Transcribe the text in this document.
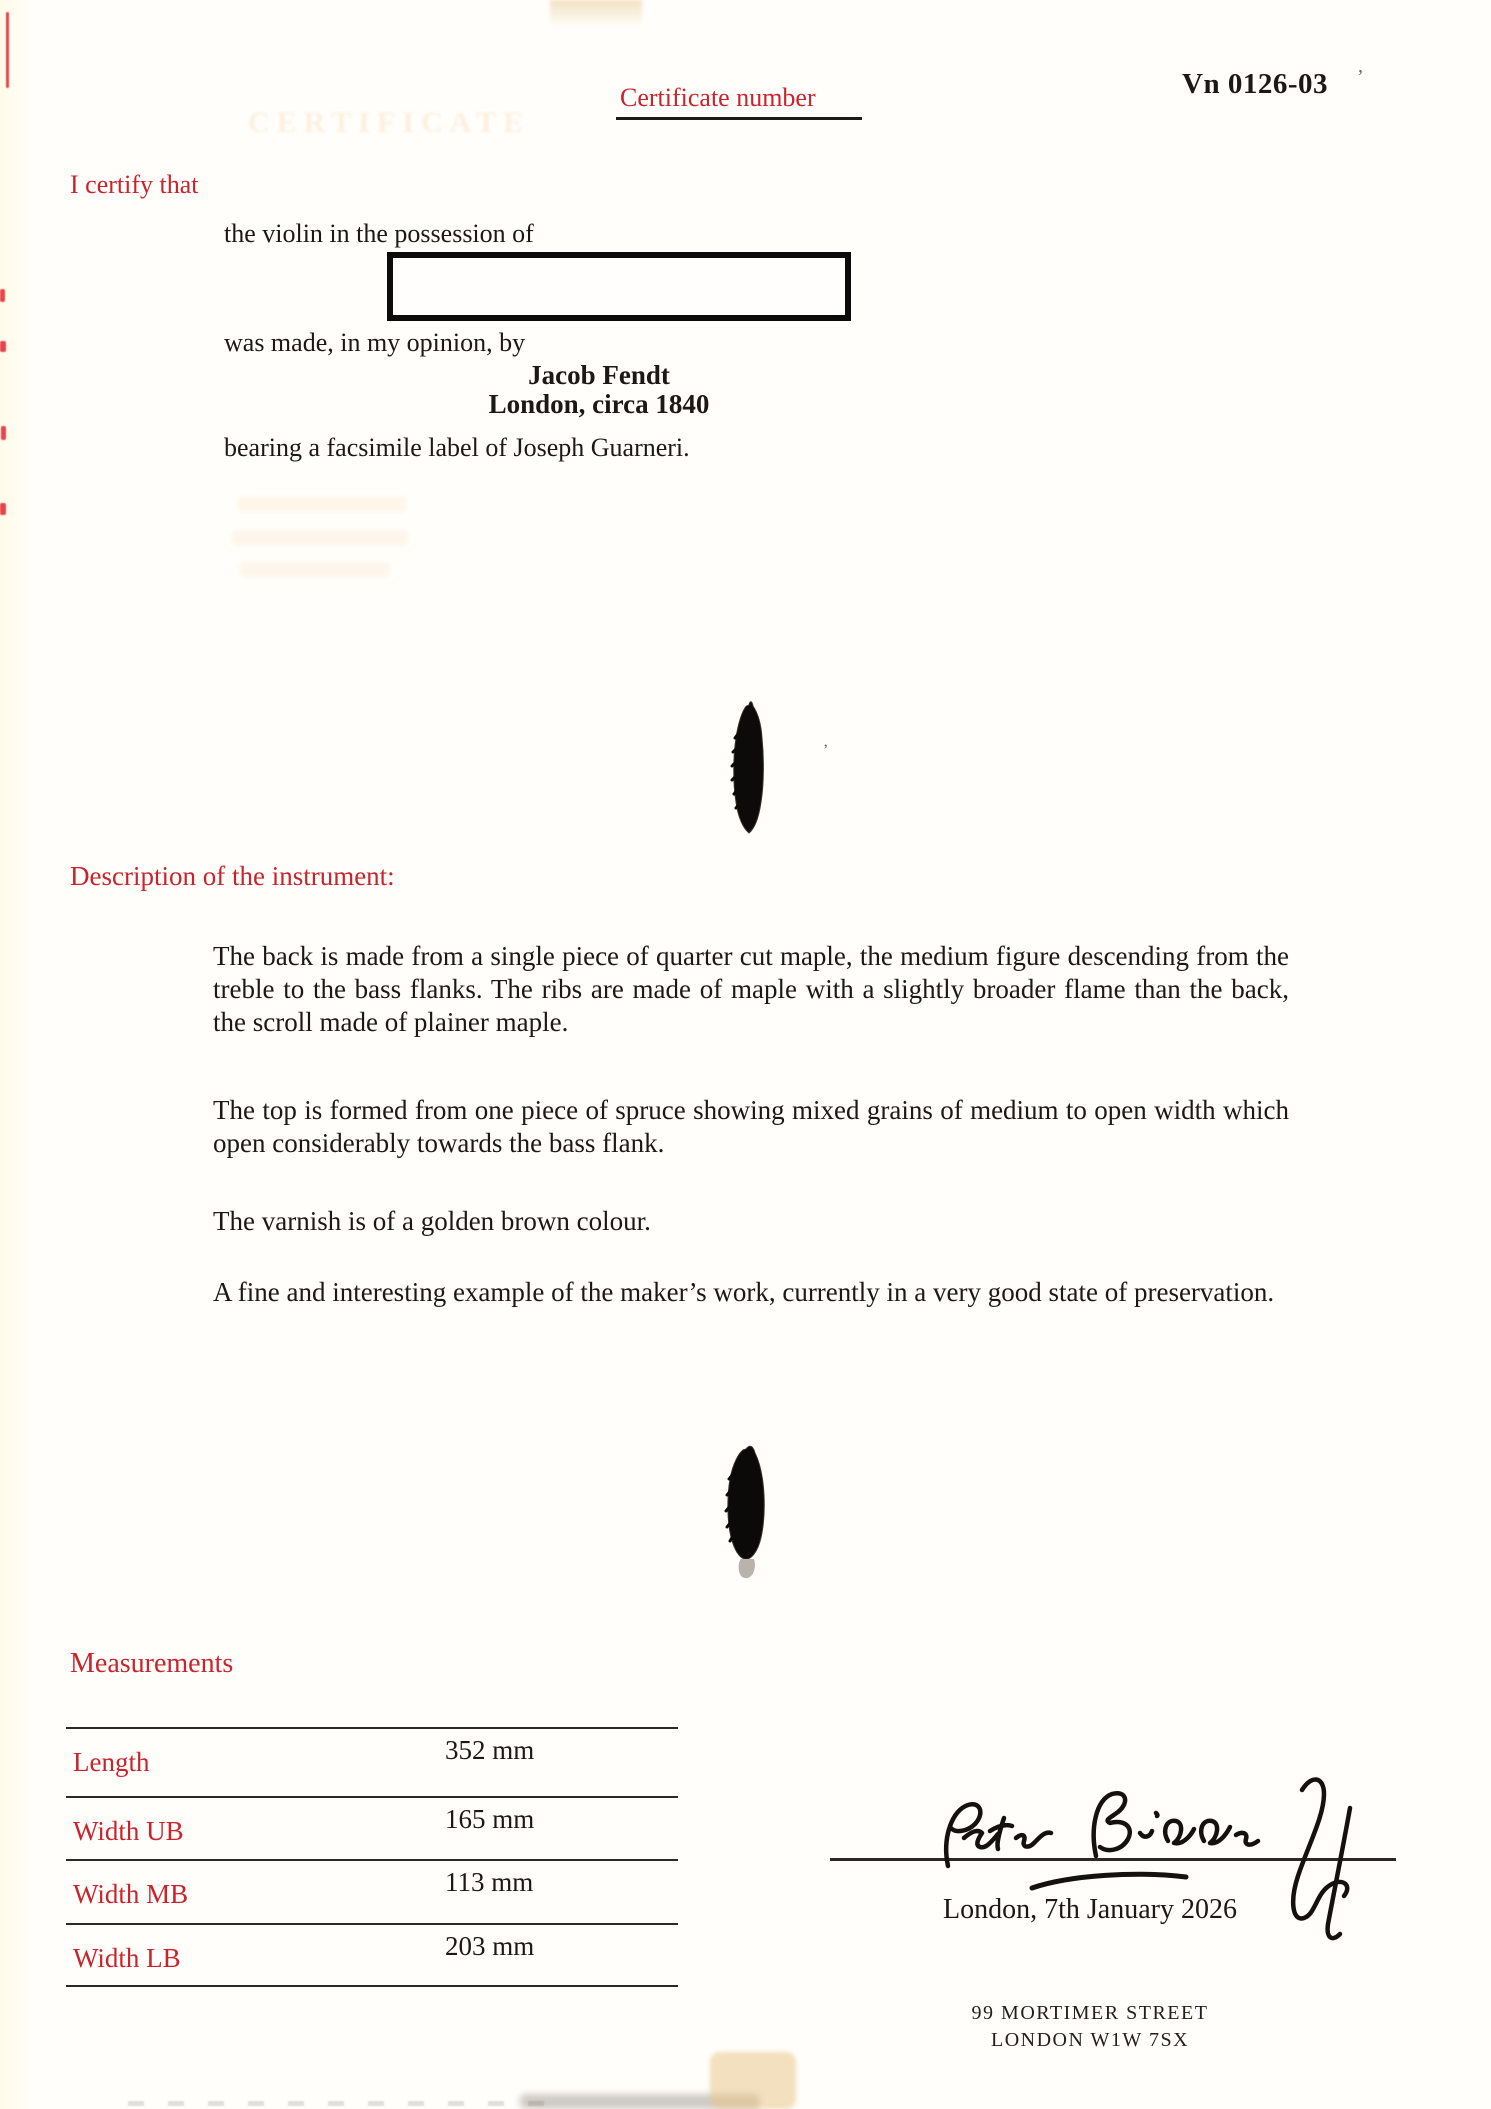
CERTIFICATE
Certificate number	Vn 0126-03 ’
I certify that
the violin in the possession of
was made, in my opinion, by
Jacob Fendt
London, circa 1840
bearing a facsimile label of Joseph Guarneri.
Description of the instrument:
The back is made from a single piece of quarter cut maple, the medium figure descending from the treble to the bass flanks. The ribs are made of maple with a slightly broader flame than the back, the scroll made of plainer maple.
The top is formed from one piece of spruce showing mixed grains of medium to open width which open considerably towards the bass flank.
The varnish is of a golden brown colour.
A fine and interesting example of the maker’s work, currently in a very good state of preservation.
Measurements
Length	352 mm
Width UB	165 mm
Width MB	113 mm
Width LB	203 mm
London, 7th January 2026
99 MORTIMER STREET
LONDON W1W 7SX
’
